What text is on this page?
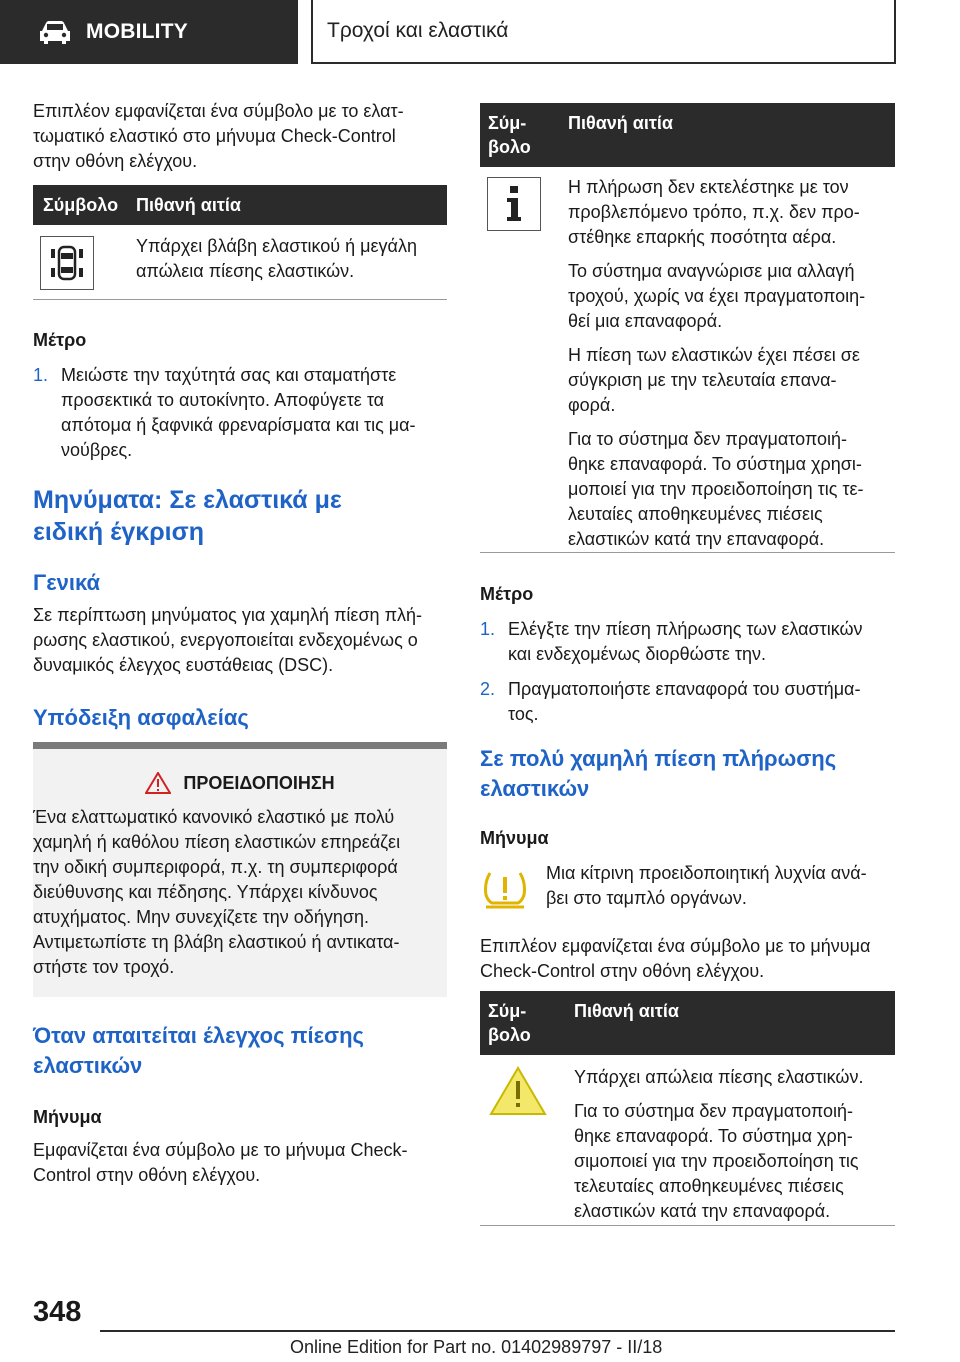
MOBILITY	Τροχοί και ελαστικά

Επιπλέον εμφανίζεται ένα σύμβολο με το ελατ‐

τωματικό ελαστικό στο μήνυμα Check-Control

στην οθόνη ελέγχου.

Σύμβολο Πιθανή αιτία

Υπάρχει βλάβη ελαστικού ή μεγάλη

απώλεια πίεσης ελαστικών.

Μέτρο

1. Μειώστε την ταχύτητά σας και σταματήστε

προσεκτικά το αυτοκίνητο. Αποφύγετε τα

απότομα ή ξαφνικά φρεναρίσματα και τις μα‐

νούβρες.

Μηνύματα: Σε ελαστικά με

ειδική έγκριση

Γενικά

Σε περίπτωση μηνύματος για χαμηλή πίεση πλή‐

ρωσης ελαστικού, ενεργοποιείται ενδεχομένως ο

δυναμικός έλεγχος ευστάθειας (DSC).

Υπόδειξη ασφαλείας

ΠΡΟΕΙΔΟΠΟΙΗΣΗ

Ένα ελαττωματικό κανονικό ελαστικό με πολύ

χαμηλή ή καθόλου πίεση ελαστικών επηρεάζει

την οδική συμπεριφορά, π.χ. τη συμπεριφορά

διεύθυνσης και πέδησης. Υπάρχει κίνδυνος

ατυχήματος. Μην συνεχίζετε την οδήγηση.

Αντιμετωπίστε τη βλάβη ελαστικού ή αντικατα‐

στήστε τον τροχό.

Όταν απαιτείται έλεγχος πίεσης

ελαστικών

Μήνυμα

Εμφανίζεται ένα σύμβολο με το μήνυμα Check-

Control στην οθόνη ελέγχου.

Σύμ‐

βολο

Πιθανή αιτία

Η πλήρωση δεν εκτελέστηκε με τον

προβλεπόμενο τρόπο, π.χ. δεν προ‐

στέθηκε επαρκής ποσότητα αέρα.

Το σύστημα αναγνώρισε μια αλλαγή

τροχού, χωρίς να έχει πραγματοποιη‐

θεί μια επαναφορά.

Η πίεση των ελαστικών έχει πέσει σε

σύγκριση με την τελευταία επανα‐

φορά.

Για το σύστημα δεν πραγματοποιή‐

θηκε επαναφορά. Το σύστημα χρησι‐

μοποιεί για την προειδοποίηση τις τε‐

λευταίες αποθηκευμένες πιέσεις

ελαστικών κατά την επαναφορά.

Μέτρο

1. Ελέγξτε την πίεση πλήρωσης των ελαστικών

και ενδεχομένως διορθώστε την.

2. Πραγματοποιήστε επαναφορά του συστήμα‐

τος.

Σε πολύ χαμηλή πίεση πλήρωσης

ελαστικών

Μήνυμα

Μια κίτρινη προειδοποιητική λυχνία ανά‐

βει στο ταμπλό οργάνων.

Επιπλέον εμφανίζεται ένα σύμβολο με το μήνυμα

Check-Control στην οθόνη ελέγχου.

Σύμ‐

βολο

Πιθανή αιτία

Υπάρχει απώλεια πίεσης ελαστικών.

Για το σύστημα δεν πραγματοποιή‐

θηκε επαναφορά. Το σύστημα χρη‐

σιμοποιεί για την προειδοποίηση τις

τελευταίες αποθηκευμένες πιέσεις

ελαστικών κατά την επαναφορά.

348
Online Edition for Part no. 01402989797 - II/18
